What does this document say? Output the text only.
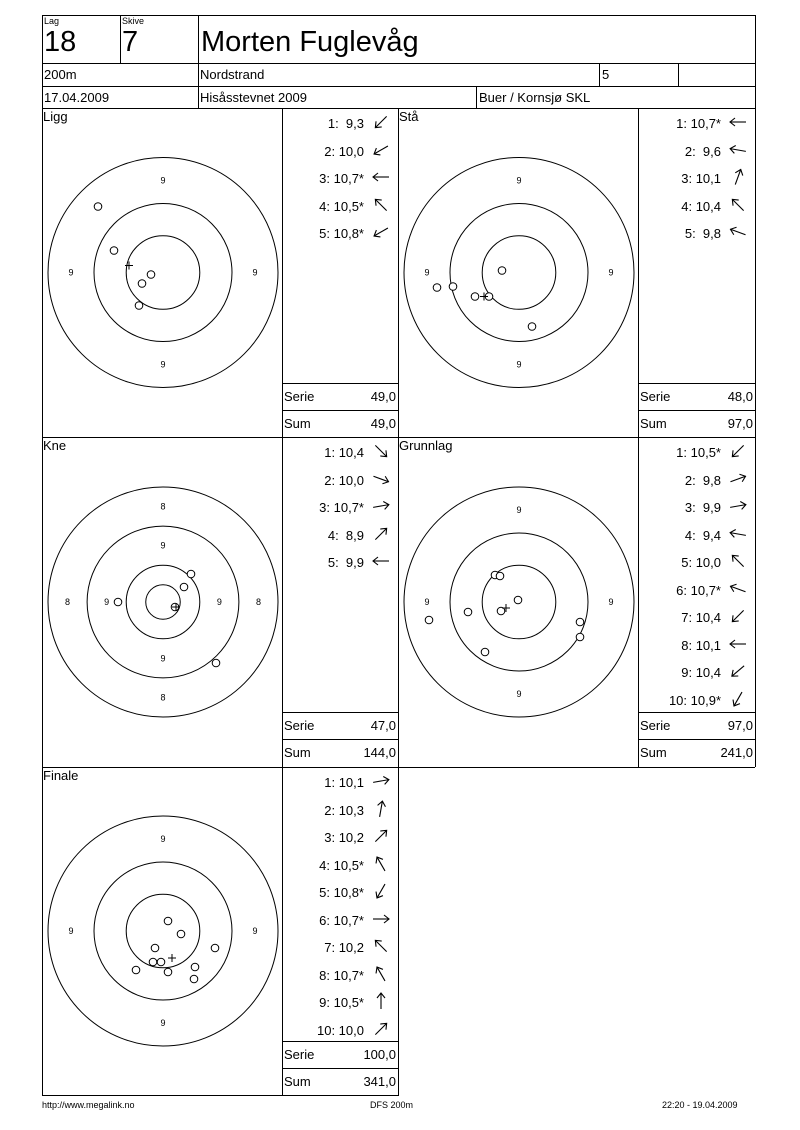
Lag
18
Skive
7 Morten Fuglevåg
200m	Nordstrand	5
17.04.2009	Hisåsstevnet 2009	Buer / Kornsjø SKL
Ligg
9
9
9	9
1:  9,3
2: 10,0
3: 10,7*
4: 10,5*
5: 10,8*
Serie	49,0
Sum	49,0
Stå
9
9
9	9
1: 10,7*
2:  9,6
3: 10,1
4: 10,4
5:  9,8
Serie	48,0
Sum	97,0
Kne
8
8
8	8
9
9
9	9
1: 10,4
2: 10,0
3: 10,7*
4:  8,9
5:  9,9
Serie	47,0
Sum	144,0
Grunnlag
9
9
9	9
1: 10,5*
2:  9,8
3:  9,9
4:  9,4
5: 10,0
6: 10,7*
7: 10,4
8: 10,1
9: 10,4
10: 10,9*
Serie	97,0
Sum	241,0
Finale
9
9
9	9
1: 10,1
2: 10,3
3: 10,2
4: 10,5*
5: 10,8*
6: 10,7*
7: 10,2
8: 10,7*
9: 10,5*
10: 10,0
Serie	100,0
Sum	341,0
http://www.megalink.no	DFS 200m	22:20 - 19.04.2009
